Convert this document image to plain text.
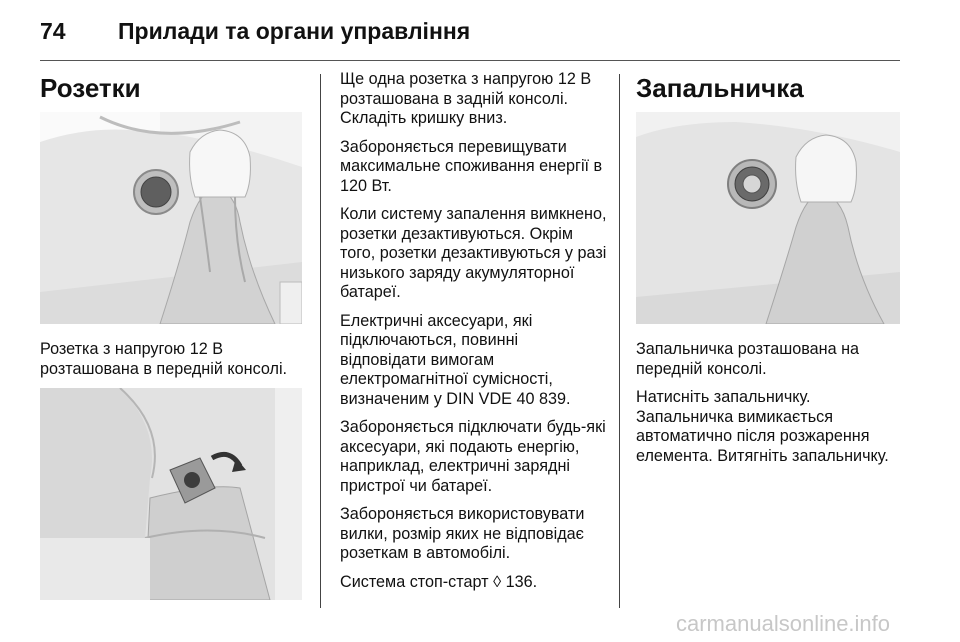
74	Прилади та органи управління
Розетки

Розетка з напругою 12 В розташована в передній консолі.

Ще одна розетка з напругою 12 В розташована в задній консолі. Складіть кришку вниз.

Забороняється перевищувати максимальне споживання енергії в 120 Вт.

Коли систему запалення вимкнено, розетки дезактивуються. Окрім того, розетки дезактивуються у разі низького заряду акумуляторної батареї.

Електричні аксесуари, які підключаються, повинні відповідати вимогам електромагнітної сумісності, визначеним у DIN VDE 40 839.

Забороняється підключати будь-які аксесуари, які подають енергію, наприклад, електричні зарядні пристрої чи батареї.

Забороняється використовувати вилки, розмір яких не відповідає розеткам в автомобілі.

Система стоп-старт ◊ 136.

Запальничка

Запальничка розташована на передній консолі.

Натисніть запальничку. Запальничка вимикається автоматично після розжарення елемента. Витягніть запальничку.

carmanualsonline.info
